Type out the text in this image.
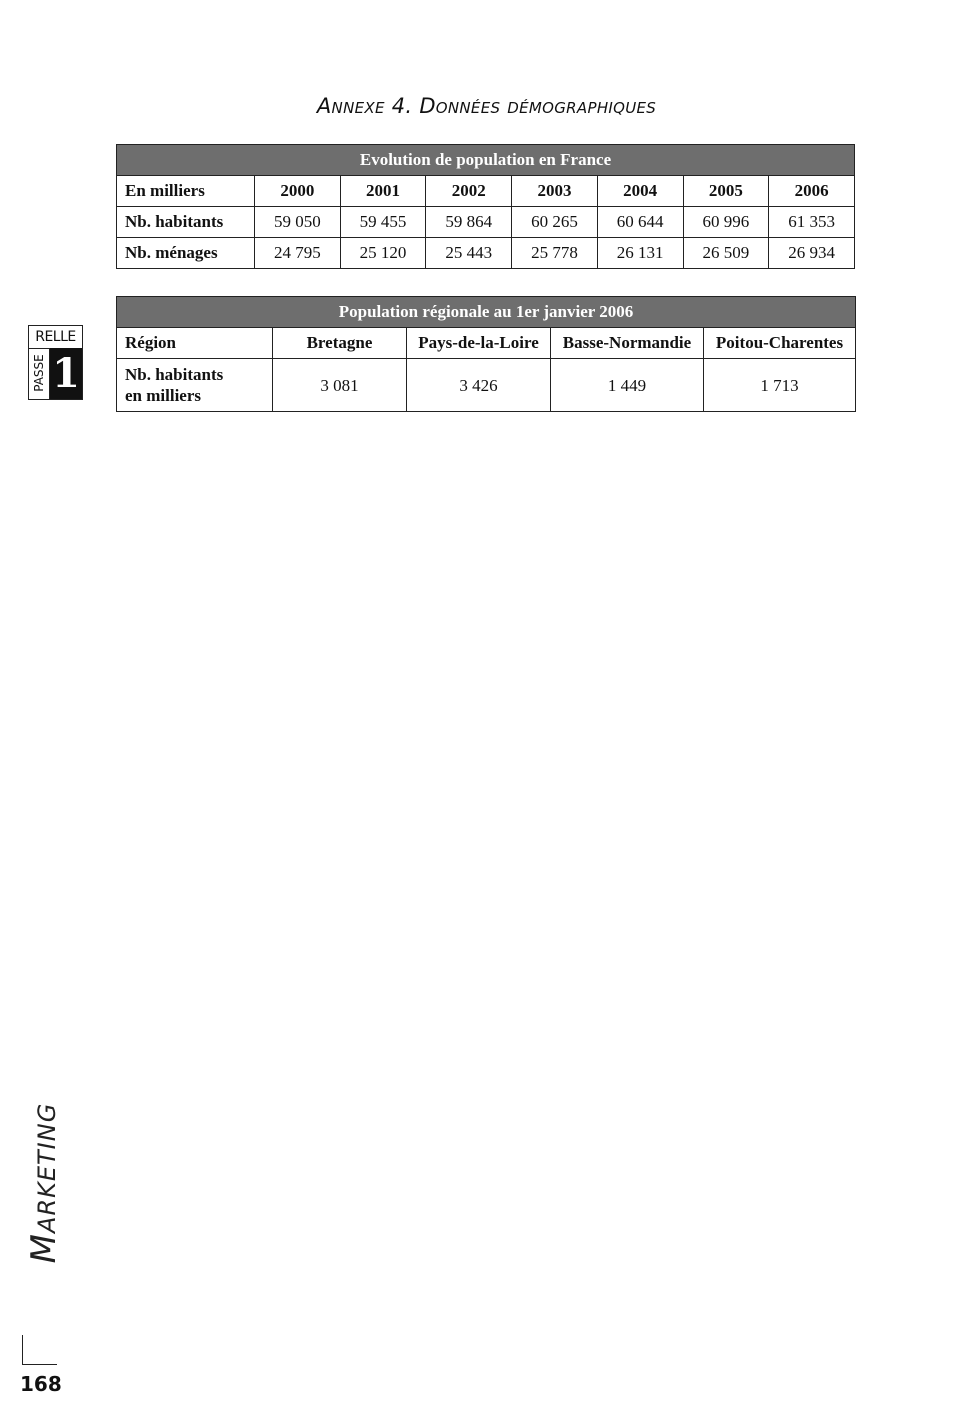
Annexe 4. Données démographiques
Evolution de population en France							
En milliers	2000	2001	2002	2003	2004	2005	2006
Nb. habitants	59 050	59 455	59 864	60 265	60 644	60 996	61 353
Nb. ménages	24 795	25 120	25 443	25 778	26 131	26 509	26 934
Population régionale au 1er janvier 2006				
Région	Bretagne	Pays-de-la-Loire	Basse-Normandie	Poitou-Charentes
Nb. habitants
en milliers	3 081	3 426	1 449	1 713
RELLE
PASSE 1
Marketing
168
